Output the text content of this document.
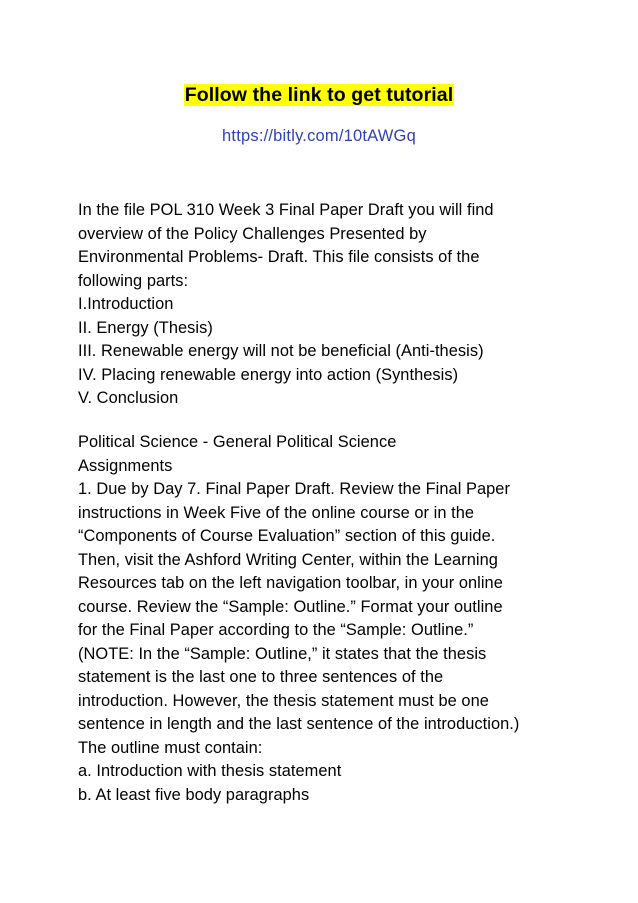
Follow the link to get tutorial
https://bitly.com/10tAWGq
In the file POL 310 Week 3 Final Paper Draft you will find
overview of the Policy Challenges Presented by
Environmental Problems- Draft. This file consists of the
following parts:
I.Introduction
II. Energy (Thesis)
III. Renewable energy will not be beneficial (Anti-thesis)
IV. Placing renewable energy into action (Synthesis)
V. Conclusion
Political Science - General Political Science
Assignments
1. Due by Day 7. Final Paper Draft. Review the Final Paper
instructions in Week Five of the online course or in the
“Components of Course Evaluation” section of this guide.
Then, visit the Ashford Writing Center, within the Learning
Resources tab on the left navigation toolbar, in your online
course. Review the “Sample: Outline.” Format your outline
for the Final Paper according to the “Sample: Outline.”
(NOTE: In the “Sample: Outline,” it states that the thesis
statement is the last one to three sentences of the
introduction. However, the thesis statement must be one
sentence in length and the last sentence of the introduction.)
The outline must contain:
a. Introduction with thesis statement
b. At least five body paragraphs
